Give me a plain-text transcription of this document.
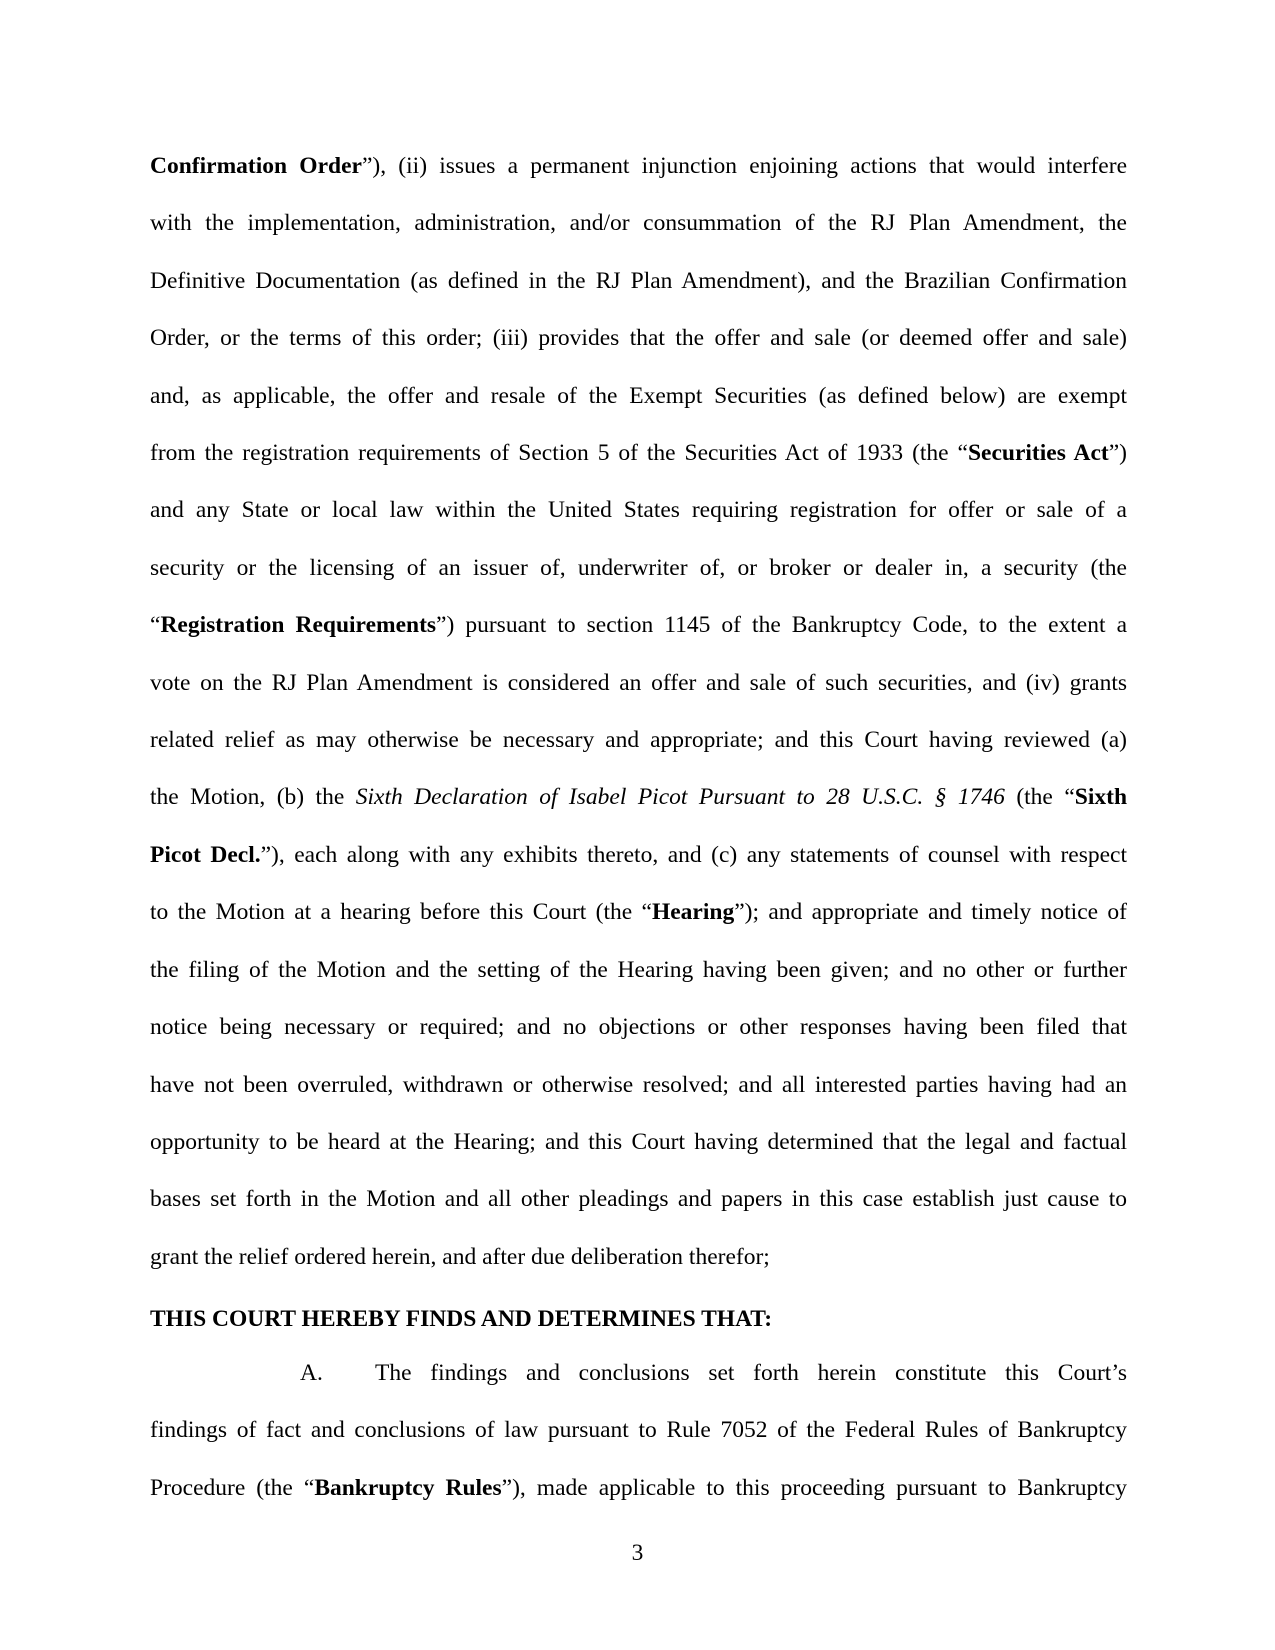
Confirmation Order”), (ii) issues a permanent injunction enjoining actions that would interfere

with the implementation, administration, and/or consummation of the RJ Plan Amendment, the

Definitive Documentation (as defined in the RJ Plan Amendment), and the Brazilian Confirmation

Order, or the terms of this order; (iii) provides that the offer and sale (or deemed offer and sale)

and, as applicable, the offer and resale of the Exempt Securities (as defined below) are exempt

from the registration requirements of Section 5 of the Securities Act of 1933 (the “Securities Act”)

and any State or local law within the United States requiring registration for offer or sale of a

security or the licensing of an issuer of, underwriter of, or broker or dealer in, a security (the

“Registration Requirements”) pursuant to section 1145 of the Bankruptcy Code, to the extent a

vote on the RJ Plan Amendment is considered an offer and sale of such securities, and (iv) grants

related relief as may otherwise be necessary and appropriate; and this Court having reviewed (a)

the Motion, (b) the Sixth Declaration of Isabel Picot Pursuant to 28 U.S.C. § 1746 (the “Sixth

Picot Decl.”), each along with any exhibits thereto, and (c) any statements of counsel with respect

to the Motion at a hearing before this Court (the “Hearing”); and appropriate and timely notice of

the filing of the Motion and the setting of the Hearing having been given; and no other or further

notice being necessary or required; and no objections or other responses having been filed that

have not been overruled, withdrawn or otherwise resolved; and all interested parties having had an

opportunity to be heard at the Hearing; and this Court having determined that the legal and factual

bases set forth in the Motion and all other pleadings and papers in this case establish just cause to

grant the relief ordered herein, and after due deliberation therefor;

THIS COURT HEREBY FINDS AND DETERMINES THAT:
A. The findings and conclusions set forth herein constitute this Court’s
findings of fact and conclusions of law pursuant to Rule 7052 of the Federal Rules of Bankruptcy
Procedure (the “Bankruptcy Rules”), made applicable to this proceeding pursuant to Bankruptcy
3
